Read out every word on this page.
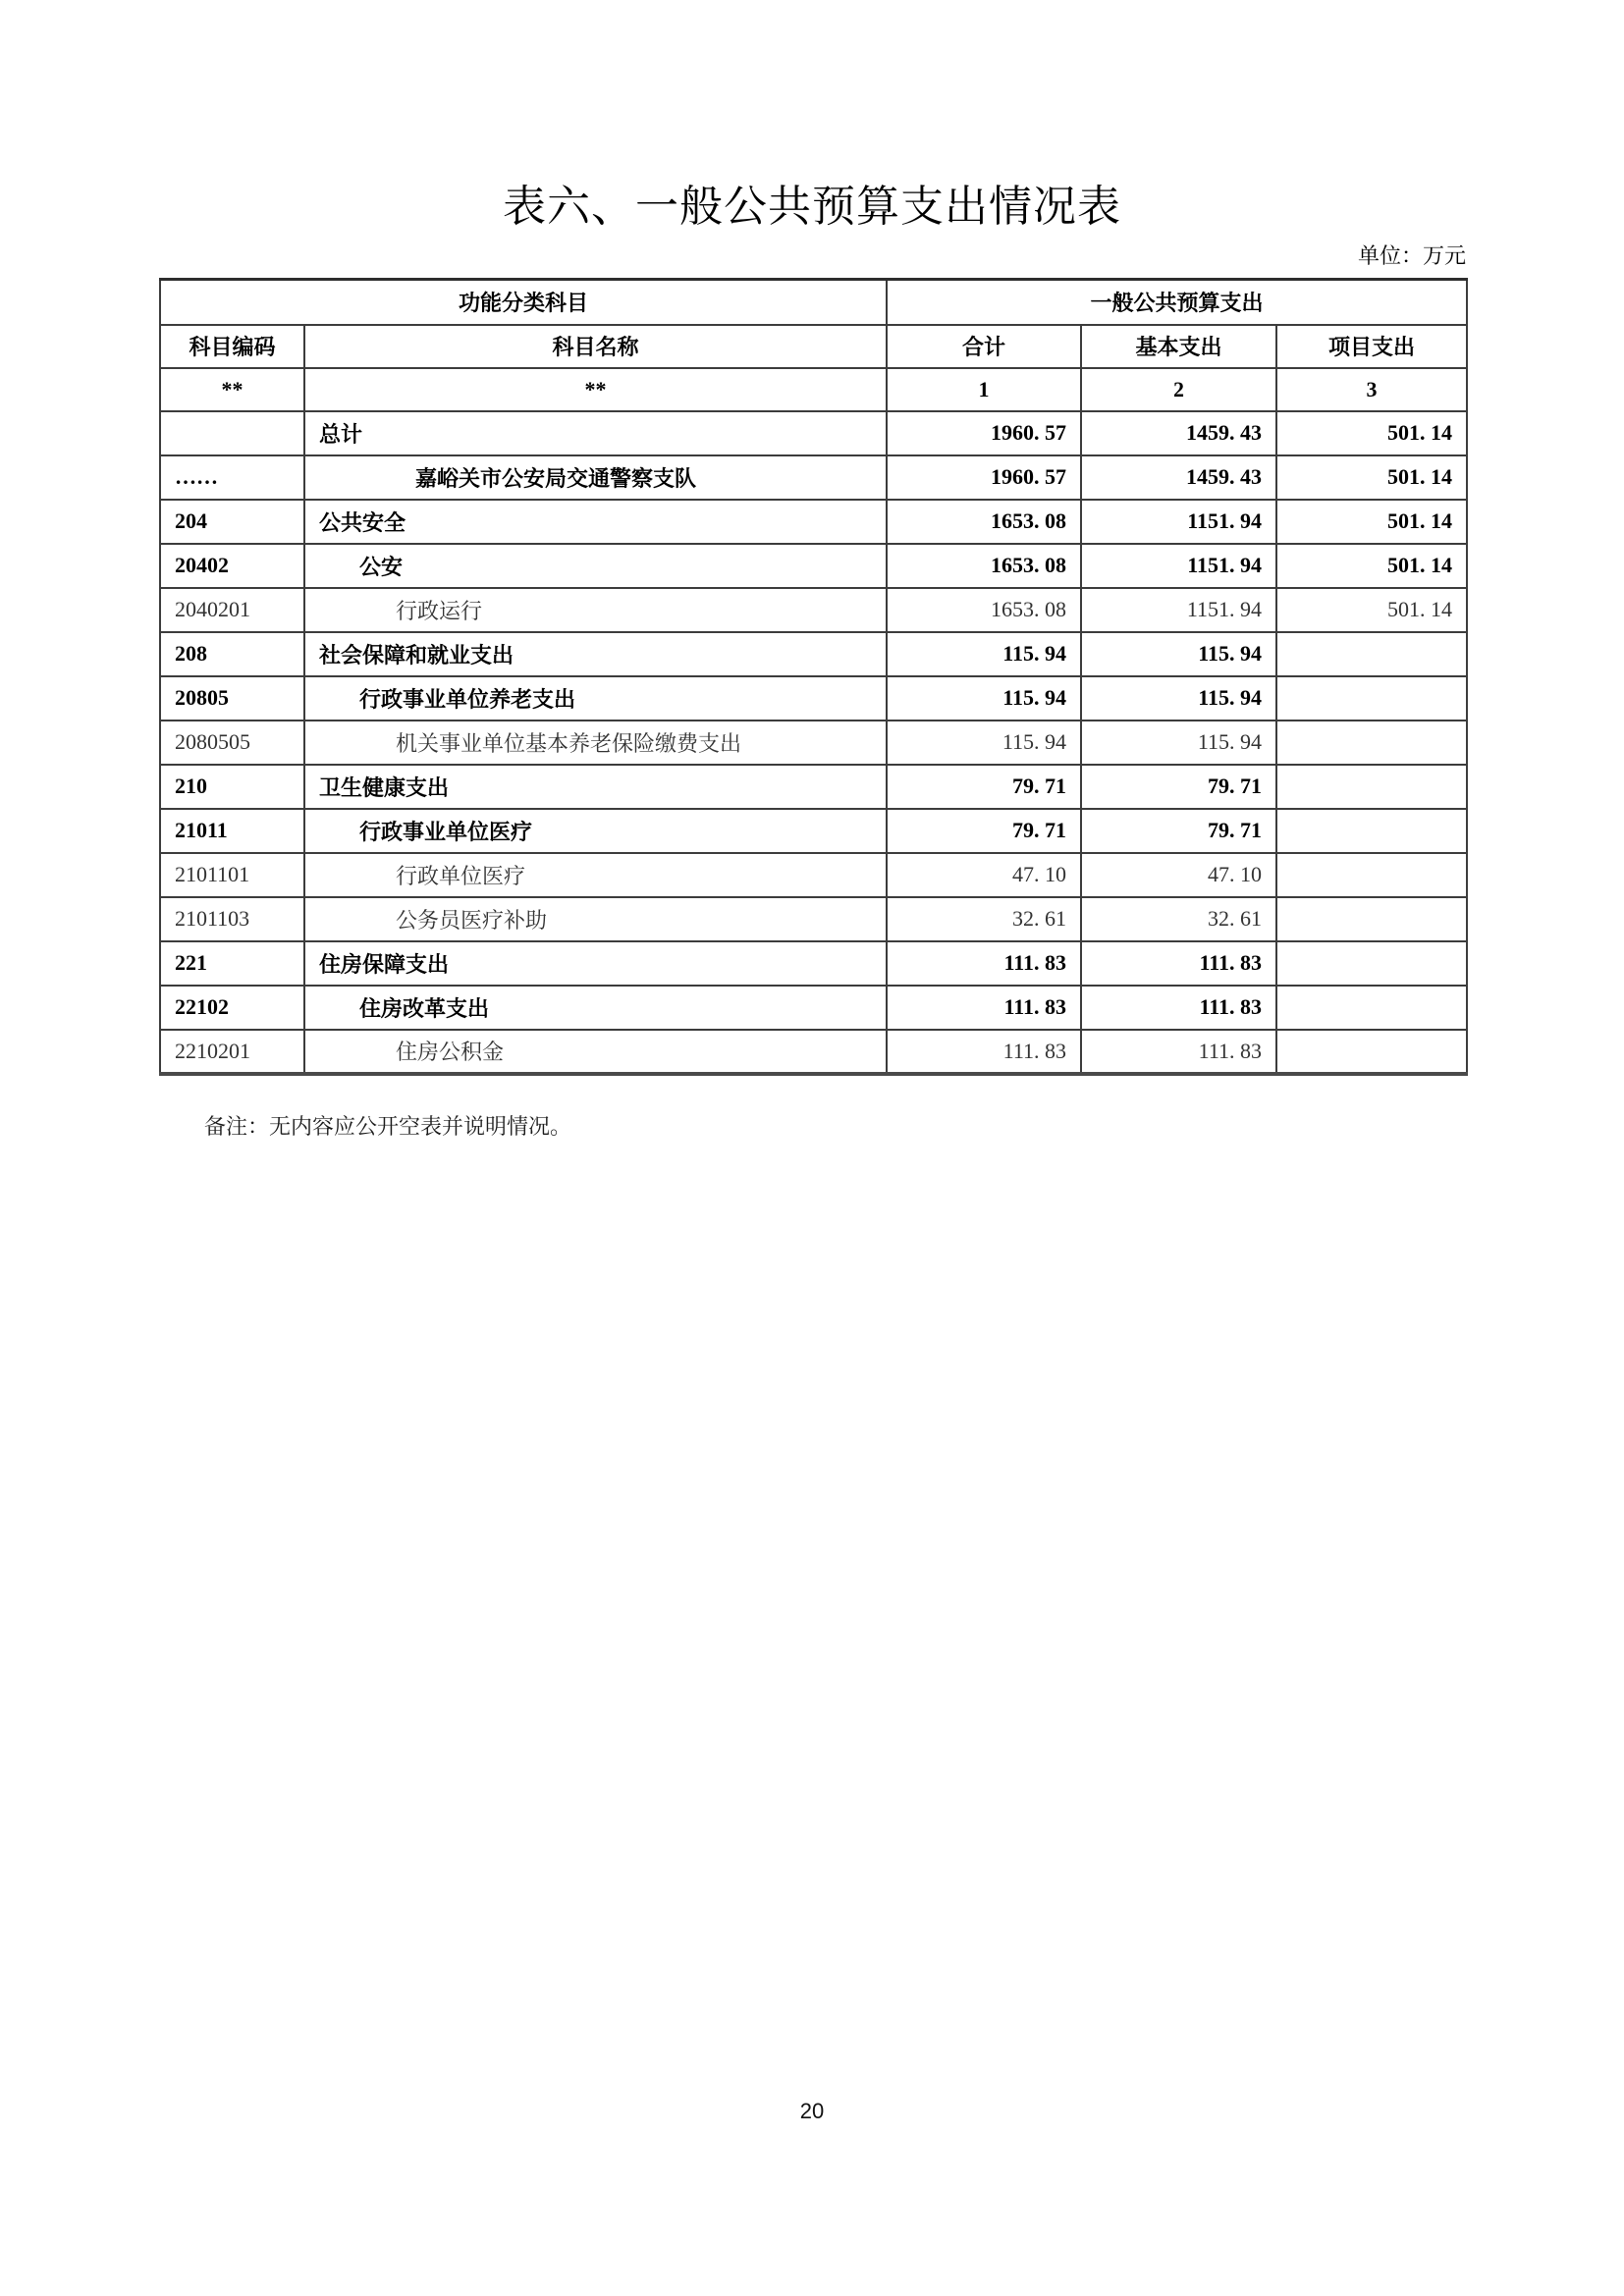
表六、一般公共预算支出情况表
单位：万元
功能分类科目		一般公共预算支出		
科目编码	科目名称	合计	基本支出	项目支出
**	**	1	2	3
	总计	1960. 57	1459. 43	501. 14
……	嘉峪关市公安局交通警察支队	1960. 57	1459. 43	501. 14
204	公共安全	1653. 08	1151. 94	501. 14
20402	公安	1653. 08	1151. 94	501. 14
2040201	行政运行	1653. 08	1151. 94	501. 14
208	社会保障和就业支出	115. 94	115. 94	
20805	行政事业单位养老支出	115. 94	115. 94	
2080505	机关事业单位基本养老保险缴费支出	115. 94	115. 94	
210	卫生健康支出	79. 71	79. 71	
21011	行政事业单位医疗	79. 71	79. 71	
2101101	行政单位医疗	47. 10	47. 10	
2101103	公务员医疗补助	32. 61	32. 61	
221	住房保障支出	111. 83	111. 83	
22102	住房改革支出	111. 83	111. 83	
2210201	住房公积金	111. 83	111. 83	
备注：无内容应公开空表并说明情况。
20
